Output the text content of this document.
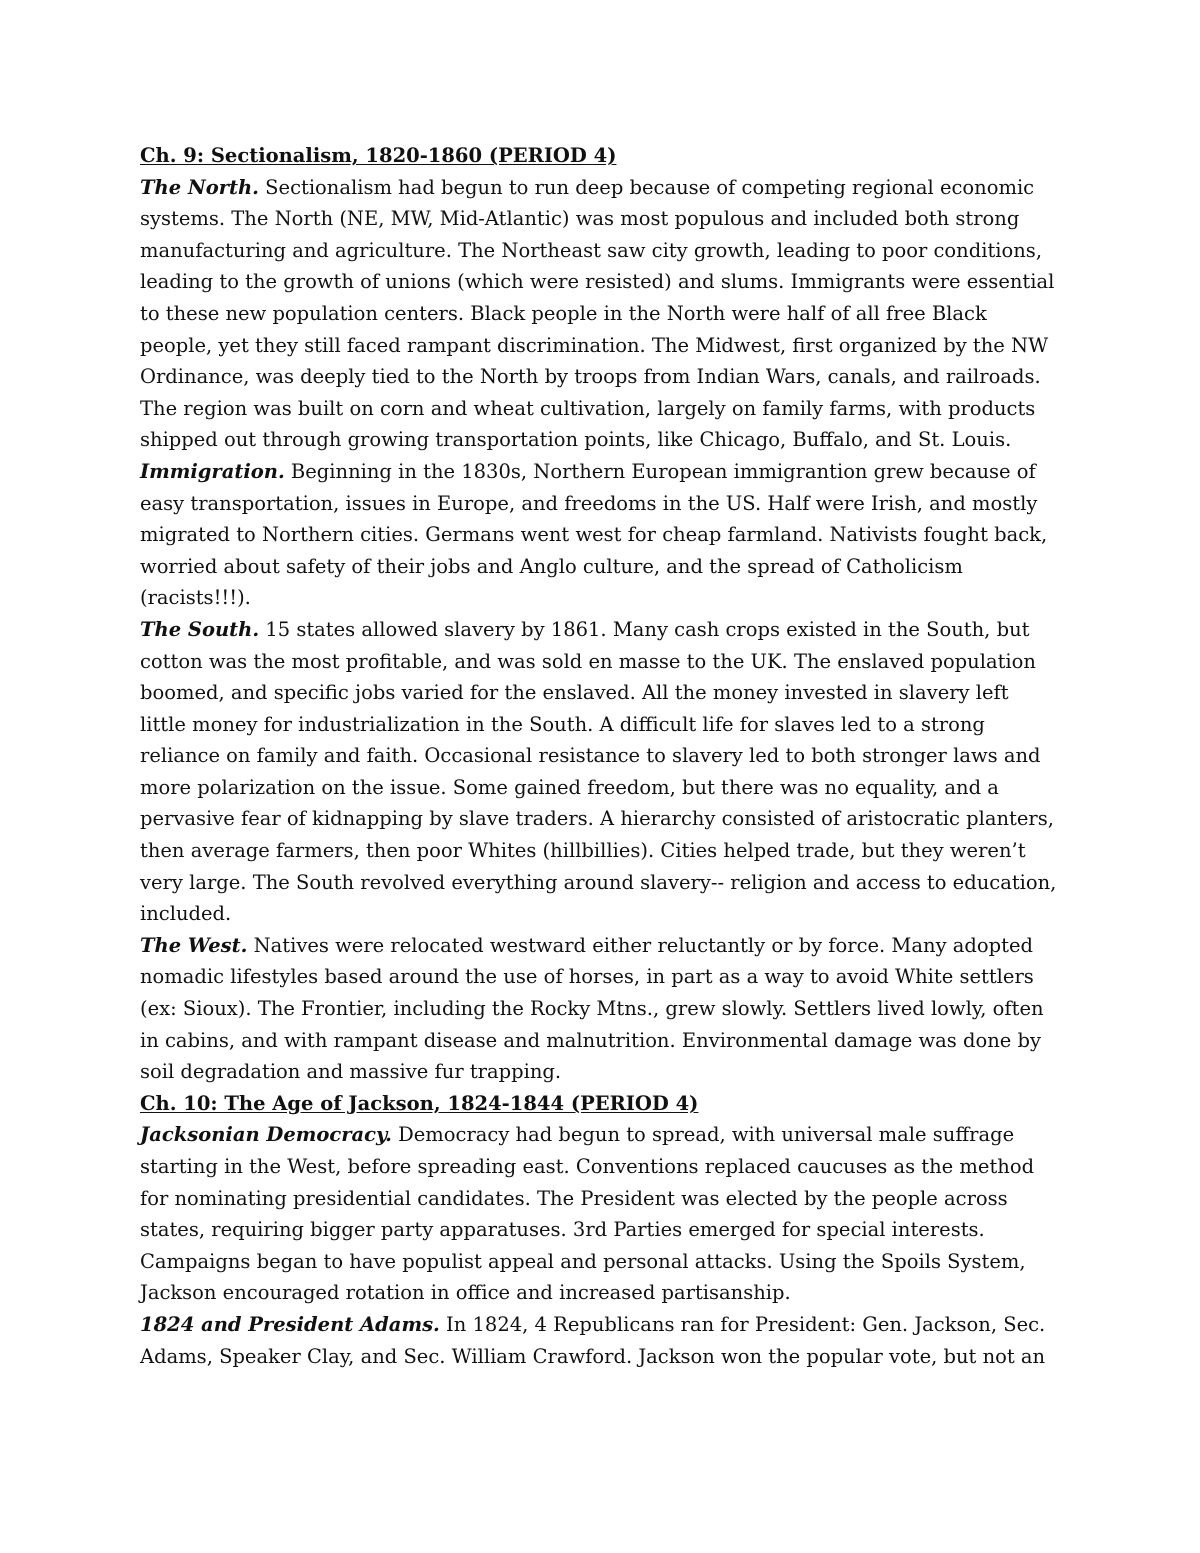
Ch. 9: Sectionalism, 1820-1860 (PERIOD 4)

The North. Sectionalism had begun to run deep because of competing regional economic systems. The North (NE, MW, Mid-Atlantic) was most populous and included both strong manufacturing and agriculture. The Northeast saw city growth, leading to poor conditions, leading to the growth of unions (which were resisted) and slums. Immigrants were essential to these new population centers. Black people in the North were half of all free Black people, yet they still faced rampant discrimination. The Midwest, first organized by the NW Ordinance, was deeply tied to the North by troops from Indian Wars, canals, and railroads. The region was built on corn and wheat cultivation, largely on family farms, with products shipped out through growing transportation points, like Chicago, Buffalo, and St. Louis.

Immigration. Beginning in the 1830s, Northern European immigrantion grew because of easy transportation, issues in Europe, and freedoms in the US. Half were Irish, and mostly migrated to Northern cities. Germans went west for cheap farmland. Nativists fought back, worried about safety of their jobs and Anglo culture, and the spread of Catholicism (racists!!!).

The South. 15 states allowed slavery by 1861. Many cash crops existed in the South, but cotton was the most profitable, and was sold en masse to the UK. The enslaved population boomed, and specific jobs varied for the enslaved. All the money invested in slavery left little money for industrialization in the South. A difficult life for slaves led to a strong reliance on family and faith. Occasional resistance to slavery led to both stronger laws and more polarization on the issue. Some gained freedom, but there was no equality, and a pervasive fear of kidnapping by slave traders. A hierarchy consisted of aristocratic planters, then average farmers, then poor Whites (hillbillies). Cities helped trade, but they weren’t very large. The South revolved everything around slavery-- religion and access to education, included.

The West. Natives were relocated westward either reluctantly or by force. Many adopted nomadic lifestyles based around the use of horses, in part as a way to avoid White settlers (ex: Sioux). The Frontier, including the Rocky Mtns., grew slowly. Settlers lived lowly, often in cabins, and with rampant disease and malnutrition. Environmental damage was done by soil degradation and massive fur trapping.

Ch. 10: The Age of Jackson, 1824-1844 (PERIOD 4)

Jacksonian Democracy. Democracy had begun to spread, with universal male suffrage starting in the West, before spreading east. Conventions replaced caucuses as the method for nominating presidential candidates. The President was elected by the people across states, requiring bigger party apparatuses. 3rd Parties emerged for special interests. Campaigns began to have populist appeal and personal attacks. Using the Spoils System, Jackson encouraged rotation in office and increased partisanship.

1824 and President Adams. In 1824, 4 Republicans ran for President: Gen. Jackson, Sec. Adams, Speaker Clay, and Sec. William Crawford. Jackson won the popular vote, but not an
